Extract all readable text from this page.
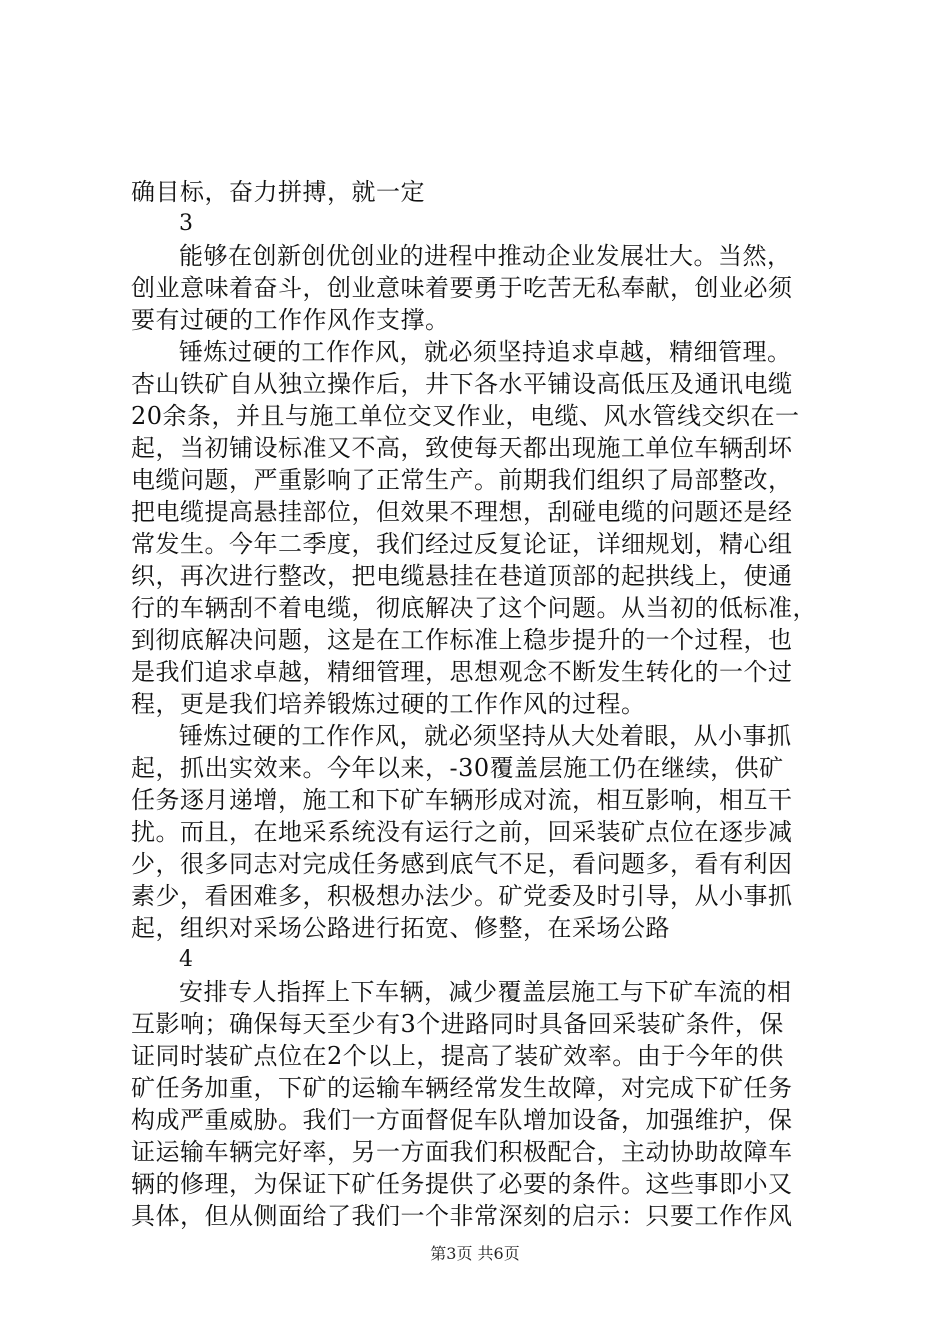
确目标，奋力拼搏，就一定
3
能够在创新创优创业的进程中推动企业发展壮大。当然，
创业意味着奋斗，创业意味着要勇于吃苦无私奉献，创业必须
要有过硬的工作作风作支撑。
锤炼过硬的工作作风，就必须坚持追求卓越，精细管理。
杏山铁矿自从独立操作后，井下各水平铺设高低压及通讯电缆
20余条，并且与施工单位交叉作业，电缆、风水管线交织在一
起，当初铺设标准又不高，致使每天都出现施工单位车辆刮坏
电缆问题，严重影响了正常生产。前期我们组织了局部整改，
把电缆提高悬挂部位，但效果不理想，刮碰电缆的问题还是经
常发生。今年二季度，我们经过反复论证，详细规划，精心组
织，再次进行整改，把电缆悬挂在巷道顶部的起拱线上，使通
行的车辆刮不着电缆，彻底解决了这个问题。从当初的低标准，
到彻底解决问题，这是在工作标准上稳步提升的一个过程，也
是我们追求卓越，精细管理，思想观念不断发生转化的一个过
程，更是我们培养锻炼过硬的工作作风的过程。
锤炼过硬的工作作风，就必须坚持从大处着眼，从小事抓
起，抓出实效来。今年以来，-30覆盖层施工仍在继续，供矿
任务逐月递增，施工和下矿车辆形成对流，相互影响，相互干
扰。而且，在地采系统没有运行之前，回采装矿点位在逐步减
少，很多同志对完成任务感到底气不足，看问题多，看有利因
素少，看困难多，积极想办法少。矿党委及时引导，从小事抓
起，组织对采场公路进行拓宽、修整，在采场公路
4
安排专人指挥上下车辆，减少覆盖层施工与下矿车流的相
互影响；确保每天至少有3个进路同时具备回采装矿条件，保
证同时装矿点位在2个以上，提高了装矿效率。由于今年的供
矿任务加重，下矿的运输车辆经常发生故障，对完成下矿任务
构成严重威胁。我们一方面督促车队增加设备，加强维护，保
证运输车辆完好率，另一方面我们积极配合，主动协助故障车
辆的修理，为保证下矿任务提供了必要的条件。这些事即小又
具体，但从侧面给了我们一个非常深刻的启示：只要工作作风
第3页 共6页
